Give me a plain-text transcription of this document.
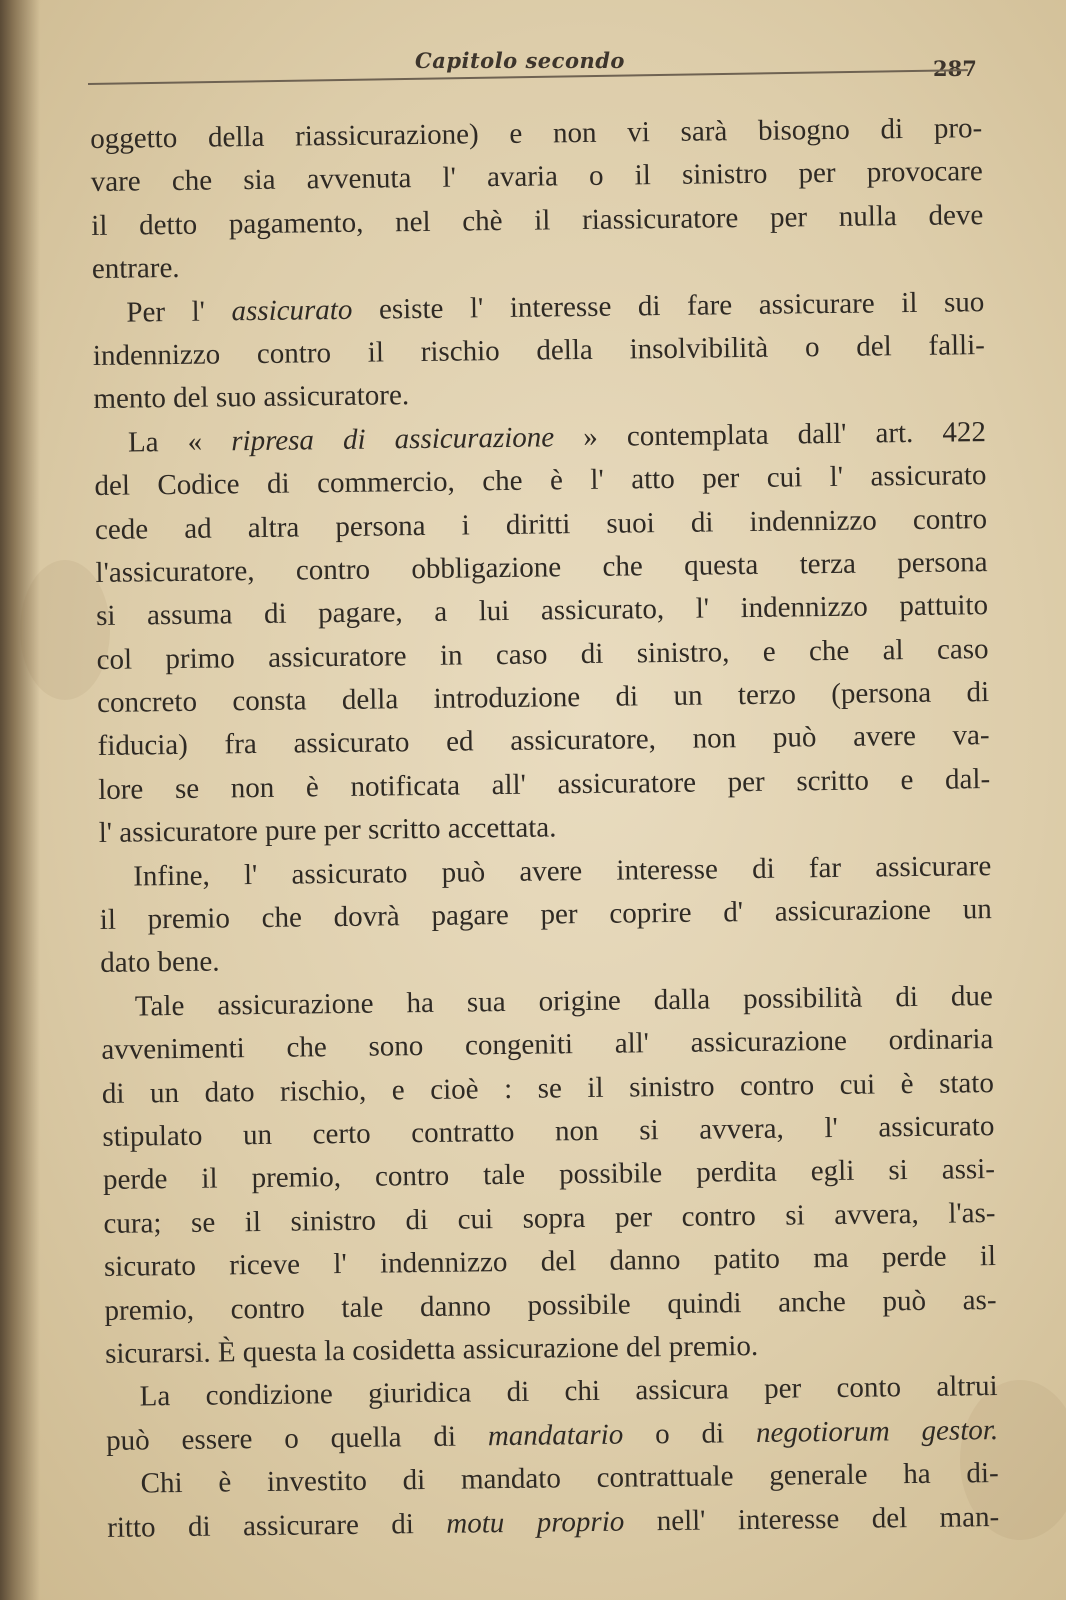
Capitolo secondo	287
oggetto della riassicurazione) e non vi sarà bisogno di pro-
vare che sia avvenuta l' avaria o il sinistro per provocare
il detto pagamento, nel chè il riassicuratore per nulla deve
entrare.
Per l' assicurato esiste l' interesse di fare assicurare il suo
indennizzo contro il rischio della insolvibilità o del falli-
mento del suo assicuratore.
La « ripresa di assicurazione » contemplata dall' art. 422
del Codice di commercio, che è l' atto per cui l' assicurato
cede ad altra persona i diritti suoi di indennizzo contro
l'assicuratore, contro obbligazione che questa terza persona
si assuma di pagare, a lui assicurato, l' indennizzo pattuito
col primo assicuratore in caso di sinistro, e che al caso
concreto consta della introduzione di un terzo (persona di
fiducia) fra assicurato ed assicuratore, non può avere va-
lore se non è notificata all' assicuratore per scritto e dal-
l' assicuratore pure per scritto accettata.
Infine, l' assicurato può avere interesse di far assicurare
il premio che dovrà pagare per coprire d' assicurazione un
dato bene.
Tale assicurazione ha sua origine dalla possibilità di due
avvenimenti che sono congeniti all' assicurazione ordinaria
di un dato rischio, e cioè : se il sinistro contro cui è stato
stipulato un certo contratto non si avvera, l' assicurato
perde il premio, contro tale possibile perdita egli si assi-
cura; se il sinistro di cui sopra per contro si avvera, l'as-
sicurato riceve l' indennizzo del danno patito ma perde il
premio, contro tale danno possibile quindi anche può as-
sicurarsi. È questa la cosidetta assicurazione del premio.
La condizione giuridica di chi assicura per conto altrui
può essere o quella di mandatario o di negotiorum gestor.
Chi è investito di mandato contrattuale generale ha di-
ritto di assicurare di motu proprio nell' interesse del man-
